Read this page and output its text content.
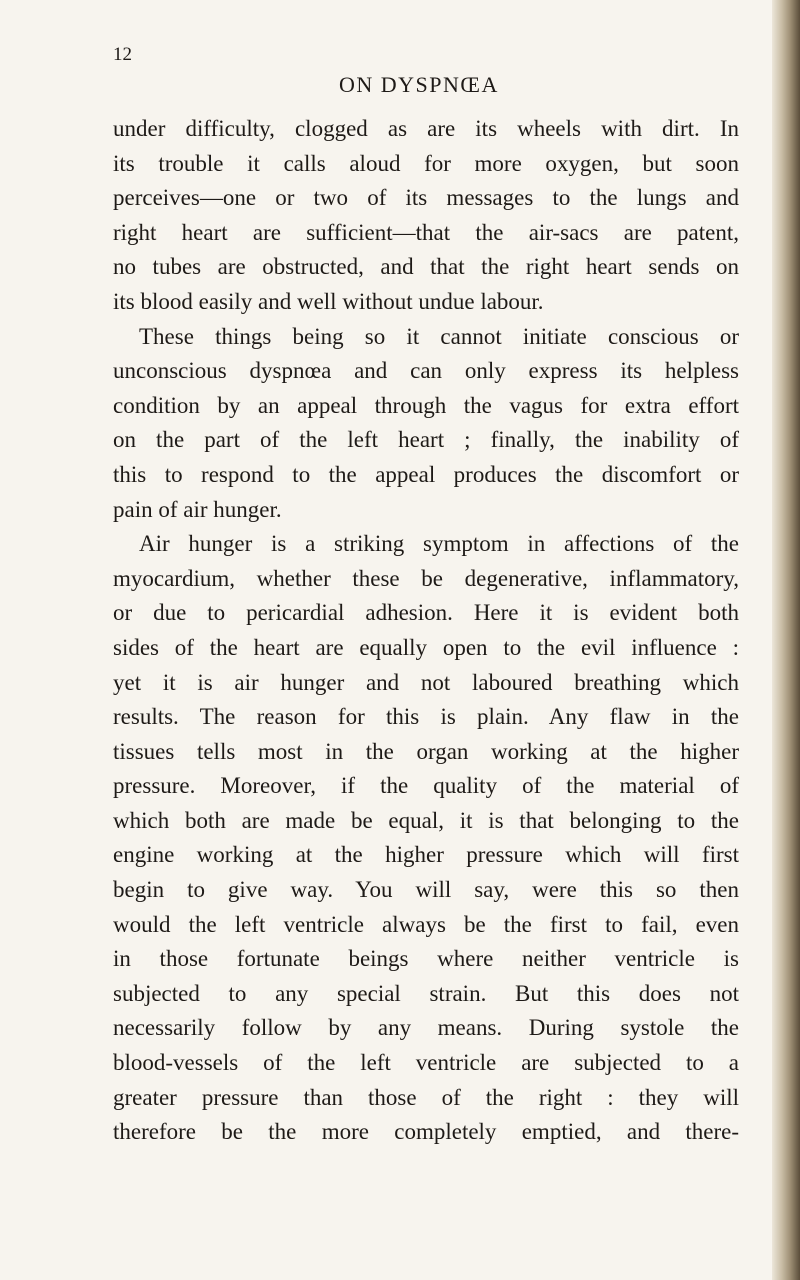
12
ON DYSPNŒA
under difficulty, clogged as are its wheels with dirt. In
its trouble it calls aloud for more oxygen, but soon
perceives—one or two of its messages to the lungs and
right heart are sufficient—that the air-sacs are patent,
no tubes are obstructed, and that the right heart sends on
its blood easily and well without undue labour.
These things being so it cannot initiate conscious or
unconscious dyspnœa and can only express its helpless
condition by an appeal through the vagus for extra effort
on the part of the left heart ; finally, the inability of
this to respond to the appeal produces the discomfort or
pain of air hunger.
Air hunger is a striking symptom in affections of the
myocardium, whether these be degenerative, inflammatory,
or due to pericardial adhesion. Here it is evident both
sides of the heart are equally open to the evil influence :
yet it is air hunger and not laboured breathing which
results. The reason for this is plain. Any flaw in the
tissues tells most in the organ working at the higher
pressure. Moreover, if the quality of the material of
which both are made be equal, it is that belonging to the
engine working at the higher pressure which will first
begin to give way. You will say, were this so then
would the left ventricle always be the first to fail, even
in those fortunate beings where neither ventricle is
subjected to any special strain. But this does not
necessarily follow by any means. During systole the
blood-vessels of the left ventricle are subjected to a
greater pressure than those of the right : they will
therefore be the more completely emptied, and there-
